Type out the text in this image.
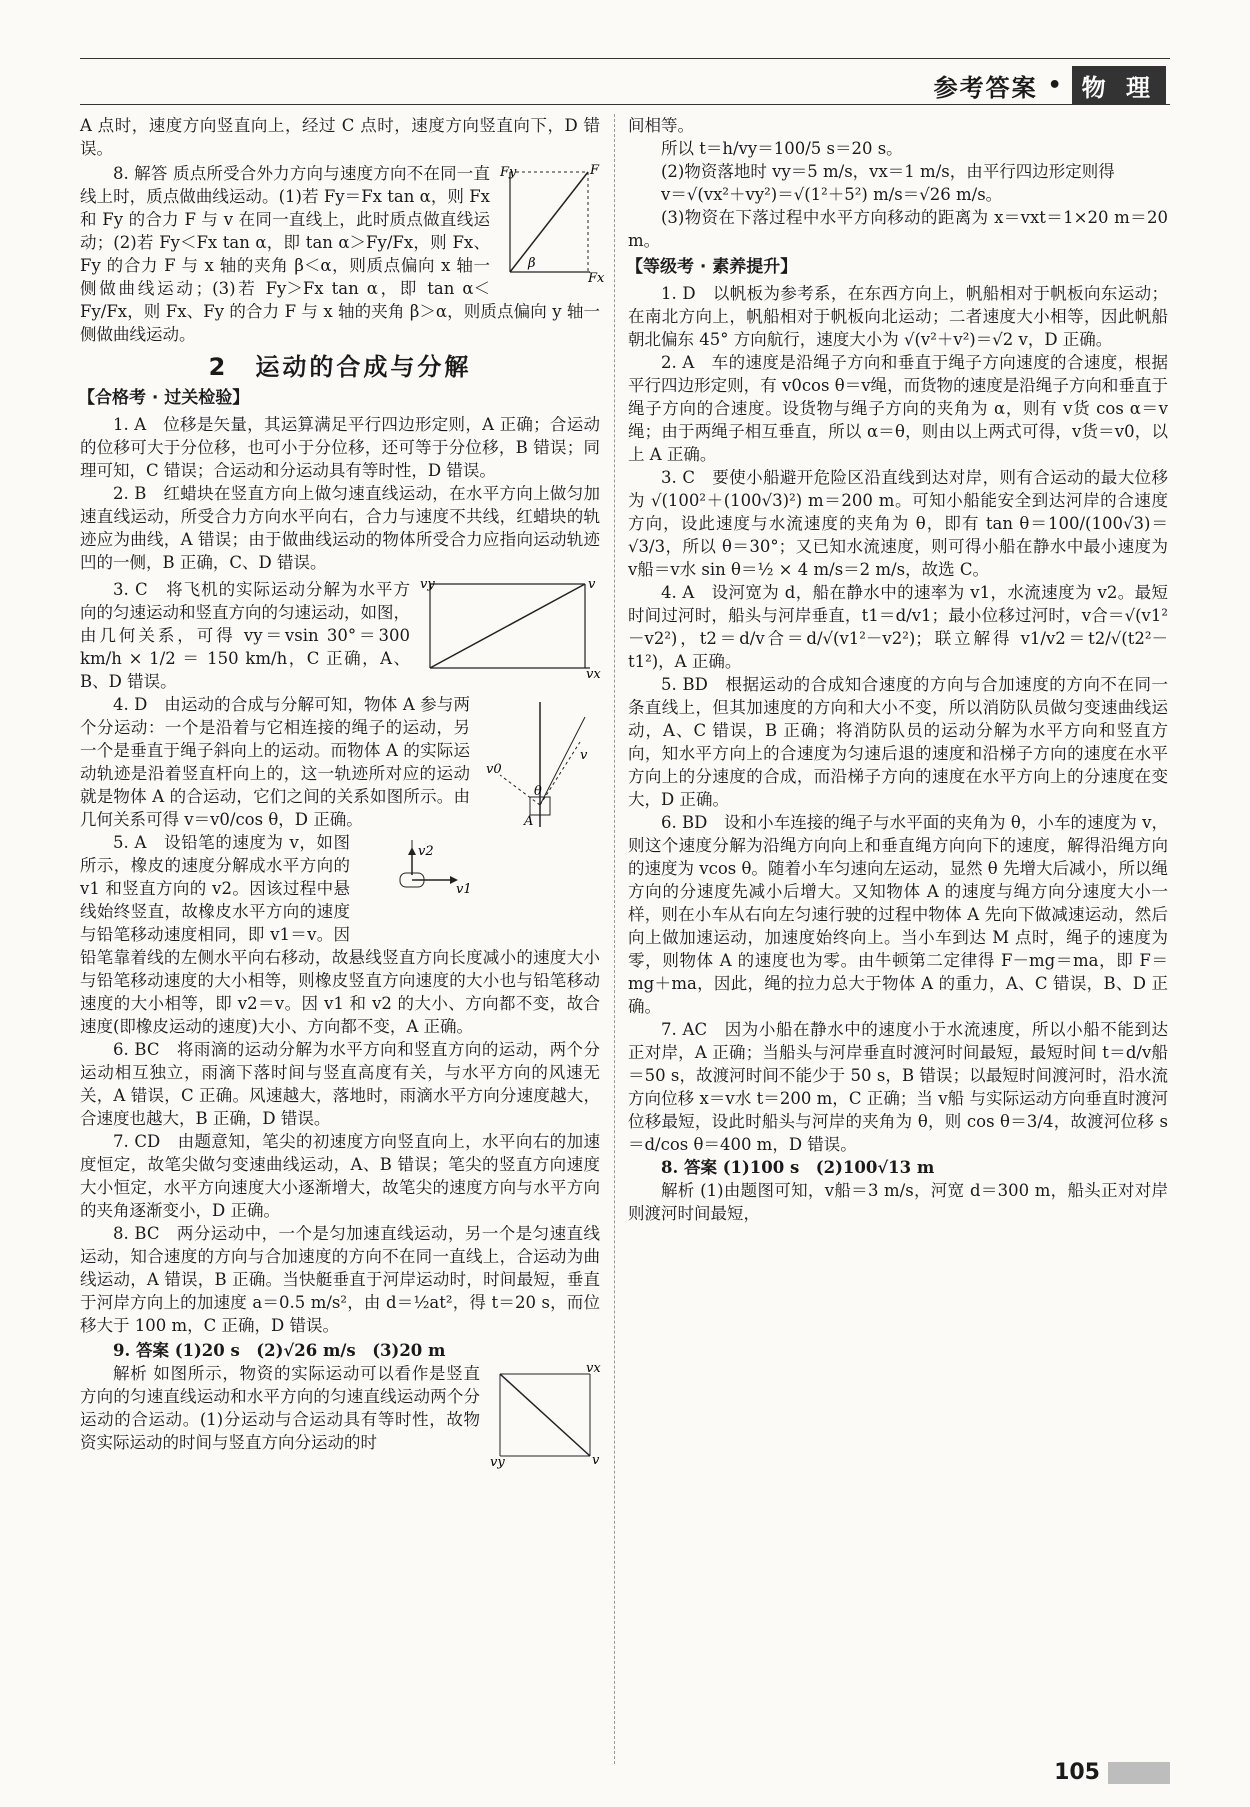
参考答案 • 物 理

A 点时，速度方向竖直向上，经过 C 点时，速度方向竖直向下，D 错误。

Fy	F
Fx
β

8. 解答 质点所受合外力方向与速度方向不在同一直线上时，质点做曲线运动。(1)若 Fy＝Fx tan α，则 Fx 和 Fy 的合力 F 与 v 在同一直线上，此时质点做直线运动；(2)若 Fy＜Fx tan α，即 tan α＞Fy/Fx，则 Fx、Fy 的合力 F 与 x 轴的夹角 β＜α，则质点偏向 x 轴一侧做曲线运动；(3)若 Fy＞Fx tan α，即 tan α＜Fy/Fx，则 Fx、Fy 的合力 F 与 x 轴的夹角 β＞α，则质点偏向 y 轴一侧做曲线运动。

2　运动的合成与分解
【合格考 · 过关检验】

1. A　位移是矢量，其运算满足平行四边形定则，A 正确；合运动的位移可大于分位移，也可小于分位移，还可等于分位移，B 错误；同理可知，C 错误；合运动和分运动具有等时性，D 错误。

2. B　红蜡块在竖直方向上做匀速直线运动，在水平方向上做匀加速直线运动，所受合力方向水平向右，合力与速度不共线，红蜡块的轨迹应为曲线，A 错误；由于做曲线运动的物体所受合力应指向运动轨迹凹的一侧，B 正确，C、D 错误。

vy	v
vx

3. C　将飞机的实际运动分解为水平方向的匀速运动和竖直方向的匀速运动，如图，由几何关系，可得 vy＝vsin 30°＝300 km/h × 1/2 ＝ 150 km/h，C 正确，A、B、D 错误。

v0
v
θ
A

4. D　由运动的合成与分解可知，物体 A 参与两个分运动：一个是沿着与它相连接的绳子的运动，另一个是垂直于绳子斜向上的运动。而物体 A 的实际运动轨迹是沿着竖直杆向上的，这一轨迹所对应的运动就是物体 A 的合运动，它们之间的关系如图所示。由几何关系可得 v＝v0/cos θ，D 正确。

v2
v1

5. A　设铅笔的速度为 v，如图所示，橡皮的速度分解成水平方向的 v1 和竖直方向的 v2。因该过程中悬线始终竖直，故橡皮水平方向的速度与铅笔移动速度相同，即 v1＝v。因铅笔靠着线的左侧水平向右移动，故悬线竖直方向长度减小的速度大小与铅笔移动速度的大小相等，则橡皮竖直方向速度的大小也与铅笔移动速度的大小相等，即 v2＝v。因 v1 和 v2 的大小、方向都不变，故合速度(即橡皮运动的速度)大小、方向都不变，A 正确。

6. BC　将雨滴的运动分解为水平方向和竖直方向的运动，两个分运动相互独立，雨滴下落时间与竖直高度有关，与水平方向的风速无关，A 错误，C 正确。风速越大，落地时，雨滴水平方向分速度越大，合速度也越大，B 正确，D 错误。

7. CD　由题意知，笔尖的初速度方向竖直向上，水平向右的加速度恒定，故笔尖做匀变速曲线运动，A、B 错误；笔尖的竖直方向速度大小恒定，水平方向速度大小逐渐增大，故笔尖的速度方向与水平方向的夹角逐渐变小，D 正确。

8. BC　两分运动中，一个是匀加速直线运动，另一个是匀速直线运动，知合速度的方向与合加速度的方向不在同一直线上，合运动为曲线运动，A 错误，B 正确。当快艇垂直于河岸运动时，时间最短，垂直于河岸方向上的加速度 a＝0.5 m/s²，由 d＝½at²，得 t＝20 s，而位移大于 100 m，C 正确，D 错误。

9. 答案 (1)20 s　(2)√26 m/s　(3)20 m

vx
vy	v

解析 如图所示，物资的实际运动可以看作是竖直方向的匀速直线运动和水平方向的匀速直线运动两个分运动的合运动。(1)分运动与合运动具有等时性，故物资实际运动的时间与竖直方向分运动的时

间相等。

所以 t＝h/vy＝100/5 s＝20 s。

(2)物资落地时 vy＝5 m/s，vx＝1 m/s，由平行四边形定则得

v＝√(vx²＋vy²)＝√(1²＋5²) m/s＝√26 m/s。

(3)物资在下落过程中水平方向移动的距离为 x＝vxt＝1×20 m＝20 m。

【等级考 · 素养提升】

1. D　以帆板为参考系，在东西方向上，帆船相对于帆板向东运动；在南北方向上，帆船相对于帆板向北运动；二者速度大小相等，因此帆船朝北偏东 45° 方向航行，速度大小为 √(v²＋v²)＝√2 v，D 正确。

2. A　车的速度是沿绳子方向和垂直于绳子方向速度的合速度，根据平行四边形定则，有 v0cos θ＝v绳，而货物的速度是沿绳子方向和垂直于绳子方向的合速度。设货物与绳子方向的夹角为 α，则有 v货 cos α＝v绳；由于两绳子相互垂直，所以 α＝θ，则由以上两式可得，v货＝v0，以上 A 正确。

3. C　要使小船避开危险区沿直线到达对岸，则有合运动的最大位移为 √(100²＋(100√3)²) m＝200 m。可知小船能安全到达河岸的合速度方向，设此速度与水流速度的夹角为 θ，即有 tan θ＝100/(100√3)＝√3/3，所以 θ＝30°；又已知水流速度，则可得小船在静水中最小速度为 v船＝v水 sin θ＝½ × 4 m/s＝2 m/s，故选 C。

4. A　设河宽为 d，船在静水中的速率为 v1，水流速度为 v2。最短时间过河时，船头与河岸垂直，t1＝d/v1；最小位移过河时，v合＝√(v1²－v2²)，t2＝d/v合＝d/√(v1²－v2²)；联立解得 v1/v2＝t2/√(t2²－t1²)，A 正确。

5. BD　根据运动的合成知合速度的方向与合加速度的方向不在同一条直线上，但其加速度的方向和大小不变，所以消防队员做匀变速曲线运动，A、C 错误，B 正确；将消防队员的运动分解为水平方向和竖直方向，知水平方向上的合速度为匀速后退的速度和沿梯子方向的速度在水平方向上的分速度的合成，而沿梯子方向的速度在水平方向上的分速度在变大，D 正确。

6. BD　设和小车连接的绳子与水平面的夹角为 θ，小车的速度为 v，则这个速度分解为沿绳方向向上和垂直绳方向向下的速度，解得沿绳方向的速度为 vcos θ。随着小车匀速向左运动，显然 θ 先增大后减小，所以绳方向的分速度先减小后增大。又知物体 A 的速度与绳方向分速度大小一样，则在小车从右向左匀速行驶的过程中物体 A 先向下做减速运动，然后向上做加速运动，加速度始终向上。当小车到达 M 点时，绳子的速度为零，则物体 A 的速度也为零。由牛顿第二定律得 F－mg＝ma，即 F＝mg＋ma，因此，绳的拉力总大于物体 A 的重力，A、C 错误，B、D 正确。

7. AC　因为小船在静水中的速度小于水流速度，所以小船不能到达正对岸，A 正确；当船头与河岸垂直时渡河时间最短，最短时间 t＝d/v船＝50 s，故渡河时间不能少于 50 s，B 错误；以最短时间渡河时，沿水流方向位移 x＝v水 t＝200 m，C 正确；当 v船 与实际运动方向垂直时渡河位移最短，设此时船头与河岸的夹角为 θ，则 cos θ＝3/4，故渡河位移 s＝d/cos θ＝400 m，D 错误。

8. 答案 (1)100 s　(2)100√13 m

解析 (1)由题图可知，v船＝3 m/s，河宽 d＝300 m，船头正对对岸则渡河时间最短，

105
